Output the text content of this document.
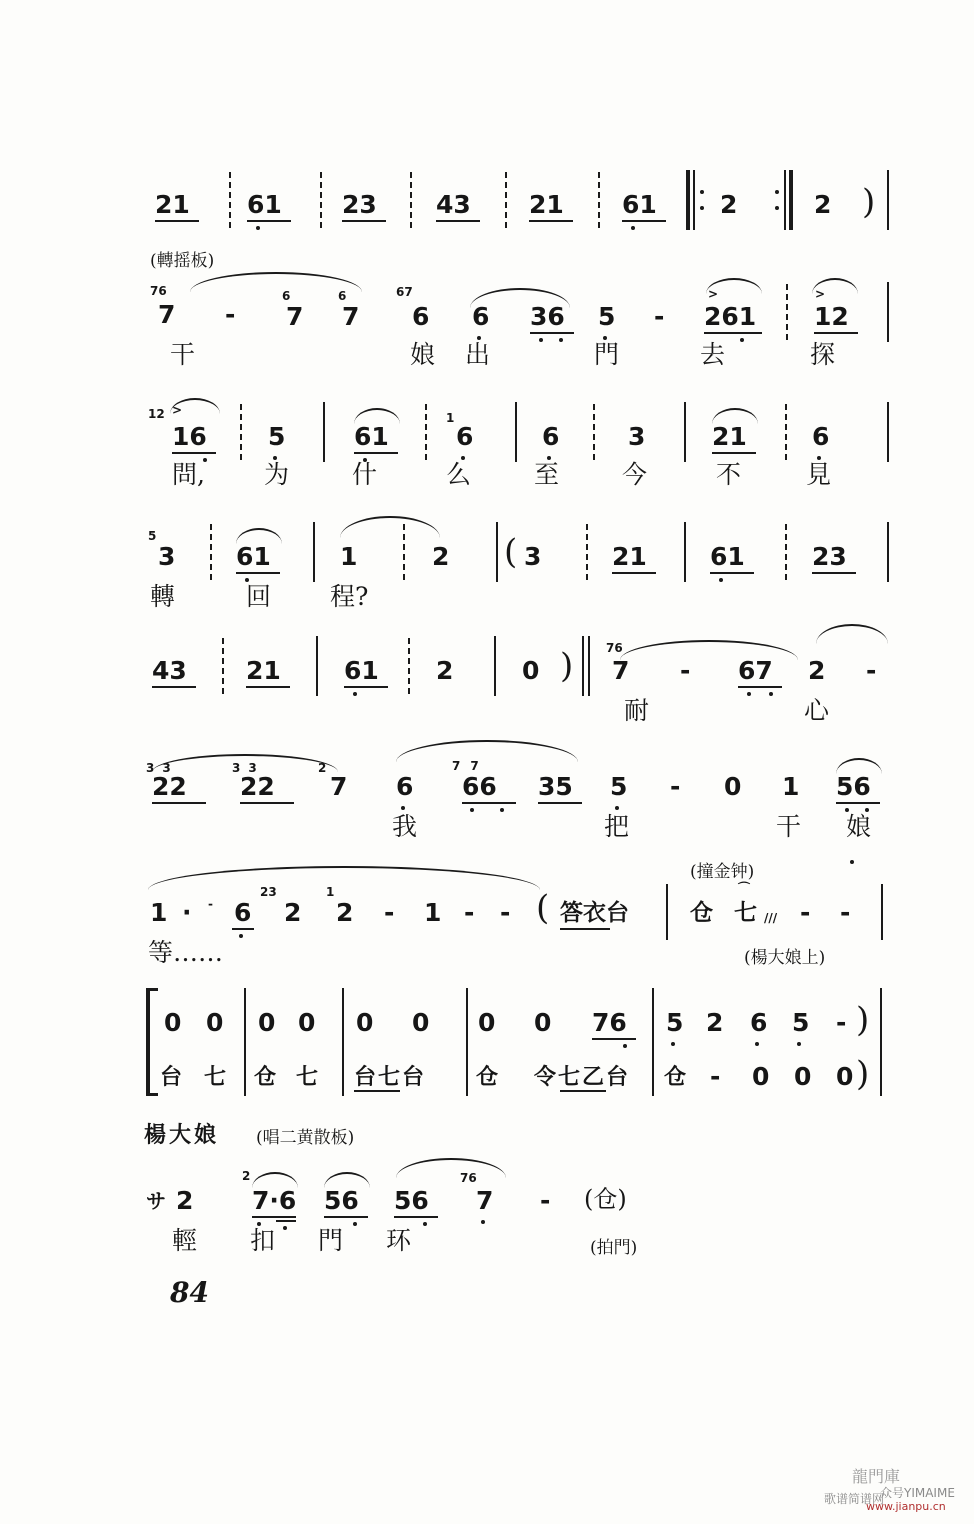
21 61 23 43 21 61	2	2 )
(轉摇板)
76
7 -
6
7
6
7
67
6 6 36 5 -
>
261
>
12
干	娘出	門	去	探
12 >
16 5	61
1
6	6	3	21	6
問, 为	什	么	至	今	不	見
5
3 61	1	2 ( 3	21	61	23
轉	回 程?
43 21	61 2	0 )	76
7 - 67 2 -
耐	心
33
22
33
22
2
7 6
77
66 35 5 - 0 1 56
我	把	干 娘
(撞金钟)
1 · - 6
23
2
1
2 - 1 - - ( 答衣台	仓
⌒
七 /// - -
等……	(楊大娘上)
0 0 0 0 0 0 0 0 76 5 2 6 5 - )
台 七 仓 七 台七台 仓 令七乙台 仓 - 0 0 0 )
楊大娘 (唱二黄散板)
サ 2
2
7·6 56 56
76
7 - (仓)
輕 扣 門 环	(拍門)
84
龍門庫
歌谱简谱网
众号YIMAIME
www.jianpu.cn
